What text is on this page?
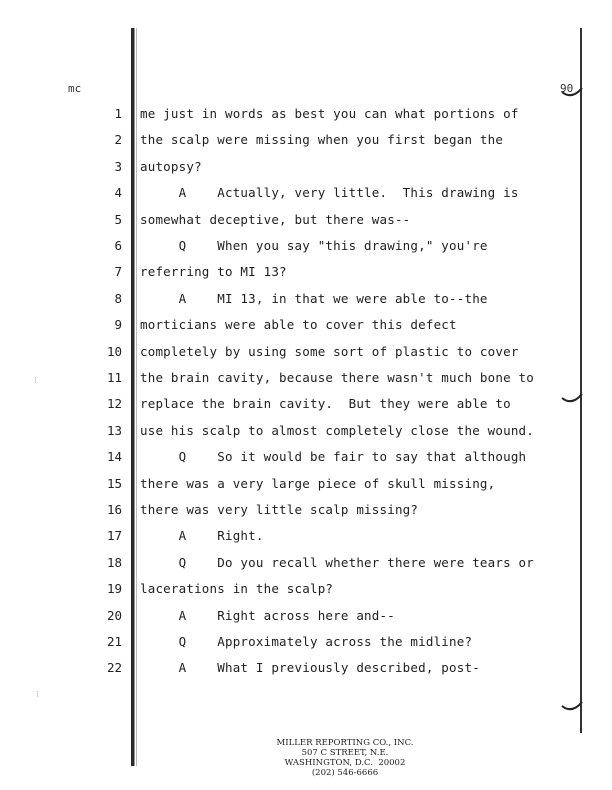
mc	90
1 me just in words as best you can what portions of
2 the scalp were missing when you first began the
3 autopsy?
4 A    Actually, very little.  This drawing is
5 somewhat deceptive, but there was--
6 Q    When you say "this drawing," you're
7 referring to MI 13?
8 A    MI 13, in that we were able to--the
9 morticians were able to cover this defect
10 completely by using some sort of plastic to cover
11 the brain cavity, because there wasn't much bone to
12 replace the brain cavity.  But they were able to
13 use his scalp to almost completely close the wound.
14 Q    So it would be fair to say that although
15 there was a very large piece of skull missing,
16 there was very little scalp missing?
17 A    Right.
18 Q    Do you recall whether there were tears or
19 lacerations in the scalp?
20 A    Right across here and--
21 Q    Approximately across the midline?
22 A    What I previously described, post-
⁝
⁝
MILLER REPORTING CO., INC.
507 C STREET, N.E.
WASHINGTON, D.C.  20002
(202) 546-6666
